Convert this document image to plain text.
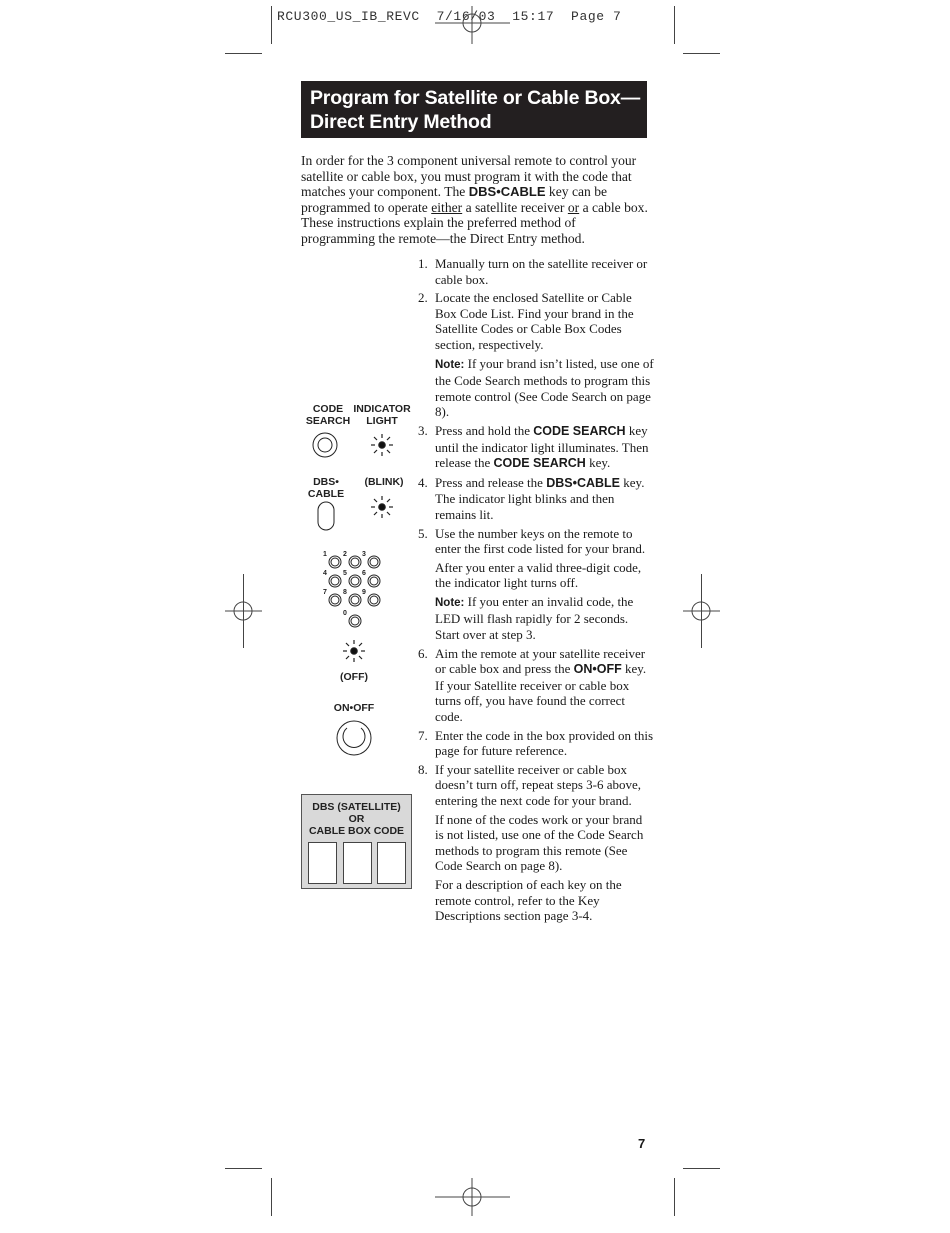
RCU300_US_IB_REVC  7/16/03  15:17  Page 7
Program for Satellite or Cable Box—
Direct Entry Method

In order for the 3 component universal remote to control your satellite or cable box, you must program it with the code that matches your component. The DBS•CABLE key can be programmed to operate either a satellite receiver or a cable box. These instructions explain the preferred method of programming the remote—the Direct Entry method.

1. Manually turn on the satellite receiver or cable box.
2. Locate the enclosed Satellite or Cable Box Code List. Find your brand in the Satellite Codes or Cable Box Codes section, respectively.
Note: If your brand isn’t listed, use one of the Code Search methods to program this remote control (See Code Search on page 8).
3. Press and hold the CODE SEARCH key until the indicator light illuminates. Then release the CODE SEARCH key.
4. Press and release the DBS•CABLE key. The indicator light blinks and then remains lit.
5. Use the number keys on the remote to enter the first code listed for your brand.
After you enter a valid three-digit code, the indicator light turns off.
Note: If you enter an invalid code, the LED will flash rapidly for 2 seconds. Start over at step 3.
6. Aim the remote at your satellite receiver or cable box and press the ON•OFF key. If your Satellite receiver or cable box turns off, you have found the correct code.
7. Enter the code in the box provided on this page for future reference.
8. If your satellite receiver or cable box doesn’t turn off, repeat steps 3-6 above, entering the next code for your brand.
If none of the codes work or your brand is not listed, use one of the Code Search methods to program this remote (See Code Search on page 8).
For a description of each key on the remote control, refer to the Key Descriptions section page 3-4.
CODE
SEARCH
INDICATOR
LIGHT
DBS•
CABLE
(BLINK)
(OFF)
ON•OFF
1 2 3
4 5 6
7 8 9
0
DBS (SATELLITE)
OR
CABLE BOX CODE
7
